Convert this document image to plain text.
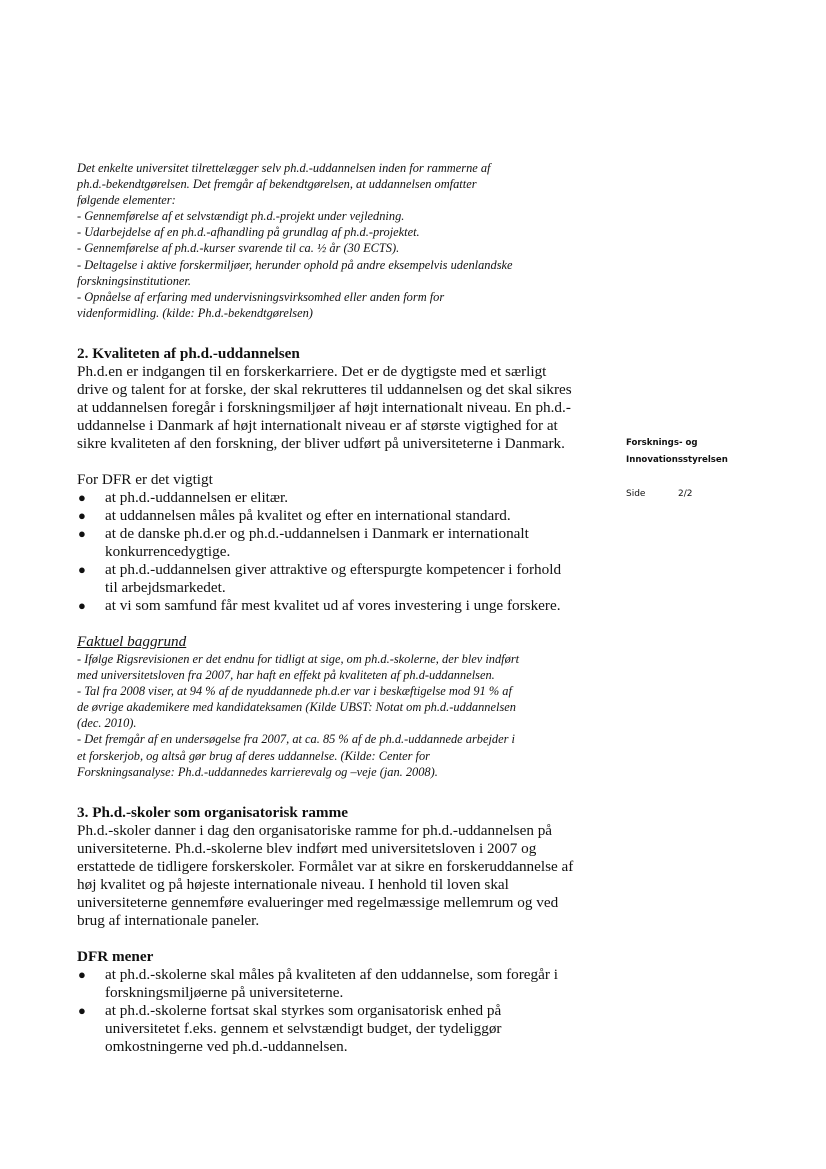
Det enkelte universitet tilrettelægger selv ph.d.-uddannelsen inden for rammerne af

ph.d.-bekendtgørelsen. Det fremgår af bekendtgørelsen, at uddannelsen omfatter

følgende elementer:

- Gennemførelse af et selvstændigt ph.d.-projekt under vejledning.

- Udarbejdelse af en ph.d.-afhandling på grundlag af ph.d.-projektet.

- Gennemførelse af ph.d.-kurser svarende til ca. ½ år (30 ECTS).

- Deltagelse i aktive forskermiljøer, herunder ophold på andre eksempelvis udenlandske

forskningsinstitutioner.

- Opnåelse af erfaring med undervisningsvirksomhed eller anden form for

videnformidling. (kilde: Ph.d.-bekendtgørelsen)

2. Kvaliteten af ph.d.-uddannelsen

Ph.d.en er indgangen til en forskerkarriere. Det er de dygtigste med et særligt

drive og talent for at forske, der skal rekrutteres til uddannelsen og det skal sikres

at uddannelsen foregår i forskningsmiljøer af højt internationalt niveau. En ph.d.-

uddannelse i Danmark af højt internationalt niveau er af største vigtighed for at

sikre kvaliteten af den forskning, der bliver udført på universiteterne i Danmark.

For DFR er det vigtigt

● at ph.d.-uddannelsen er elitær.
● at uddannelsen måles på kvalitet og efter en international standard.
● at de danske ph.d.er og ph.d.-uddannelsen i Danmark er internationalt
konkurrencedygtige.
● at ph.d.-uddannelsen giver attraktive og efterspurgte kompetencer i forhold
til arbejdsmarkedet.
● at vi som samfund får mest kvalitet ud af vores investering i unge forskere.

Faktuel baggrund

- Ifølge Rigsrevisionen er det endnu for tidligt at sige, om ph.d.-skolerne, der blev indført

med universitetsloven fra 2007, har haft en effekt på kvaliteten af ph.d-uddannelsen.

- Tal fra 2008 viser, at 94 % af de nyuddannede ph.d.er var i beskæftigelse mod 91 % af

de øvrige akademikere med kandidateksamen (Kilde UBST: Notat om ph.d.-uddannelsen

(dec. 2010).

- Det fremgår af en undersøgelse fra 2007, at ca. 85 % af de ph.d.-uddannede arbejder i

et forskerjob, og altså gør brug af deres uddannelse. (Kilde: Center for

Forskningsanalyse: Ph.d.-uddannedes karrierevalg og –veje (jan. 2008).

3. Ph.d.-skoler som organisatorisk ramme

Ph.d.-skoler danner i dag den organisatoriske ramme for ph.d.-uddannelsen på

universiteterne. Ph.d.-skolerne blev indført med universitetsloven i 2007 og

erstattede de tidligere forskerskoler. Formålet var at sikre en forskeruddannelse af

høj kvalitet og på højeste internationale niveau. I henhold til loven skal

universiteterne gennemføre evalueringer med regelmæssige mellemrum og ved

brug af internationale paneler.

DFR mener

● at ph.d.-skolerne skal måles på kvaliteten af den uddannelse, som foregår i
forskningsmiljøerne på universiteterne.
● at ph.d.-skolerne fortsat skal styrkes som organisatorisk enhed på
universitetet f.eks. gennem et selvstændigt budget, der tydeliggør
omkostningerne ved ph.d.-uddannelsen.

Forsknings- og

Innovationsstyrelsen

Side	2/2
